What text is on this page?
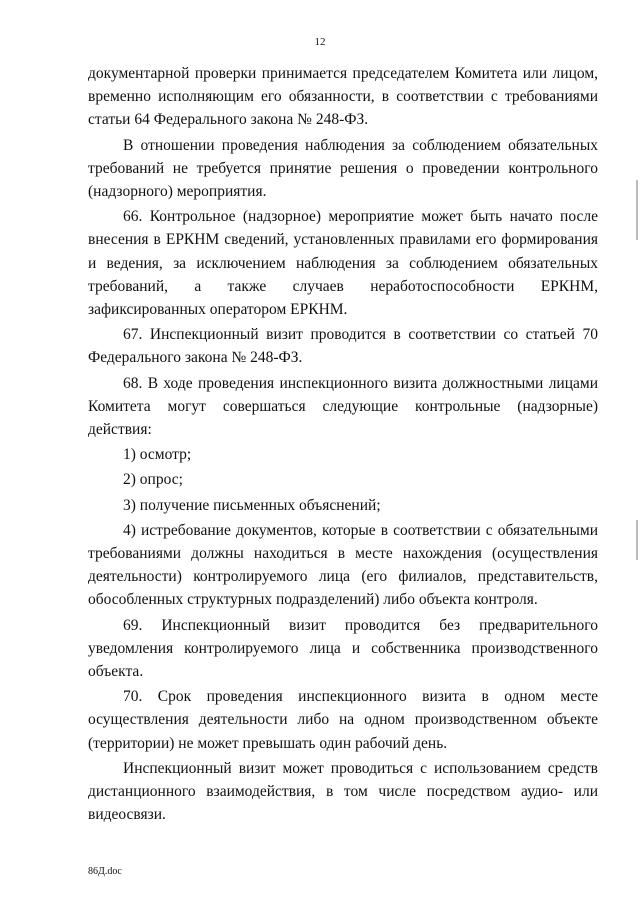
12

документарной проверки принимается председателем Комитета или лицом, временно исполняющим его обязанности, в соответствии с требованиями статьи 64 Федерального закона № 248-ФЗ.

В отношении проведения наблюдения за соблюдением обязательных требований не требуется принятие решения о проведении контрольного (надзорного) мероприятия.

66. Контрольное (надзорное) мероприятие может быть начато после внесения в ЕРКНМ сведений, установленных правилами его формирования и ведения, за исключением наблюдения за соблюдением обязательных требований, а также случаев неработоспособности ЕРКНМ, зафиксированных оператором ЕРКНМ.

67. Инспекционный визит проводится в соответствии со статьей 70 Федерального закона № 248-ФЗ.

68. В ходе проведения инспекционного визита должностными лицами Комитета могут совершаться следующие контрольные (надзорные) действия:

1) осмотр;

2) опрос;

3) получение письменных объяснений;

4) истребование документов, которые в соответствии с обязательными требованиями должны находиться в месте нахождения (осуществления деятельности) контролируемого лица (его филиалов, представительств, обособленных структурных подразделений) либо объекта контроля.

69. Инспекционный визит проводится без предварительного уведомления контролируемого лица и собственника производственного объекта.

70. Срок проведения инспекционного визита в одном месте осуществления деятельности либо на одном производственном объекте (территории) не может превышать один рабочий день.

Инспекционный визит может проводиться с использованием средств дистанционного взаимодействия, в том числе посредством аудио- или видеосвязи.

86Д.doc
